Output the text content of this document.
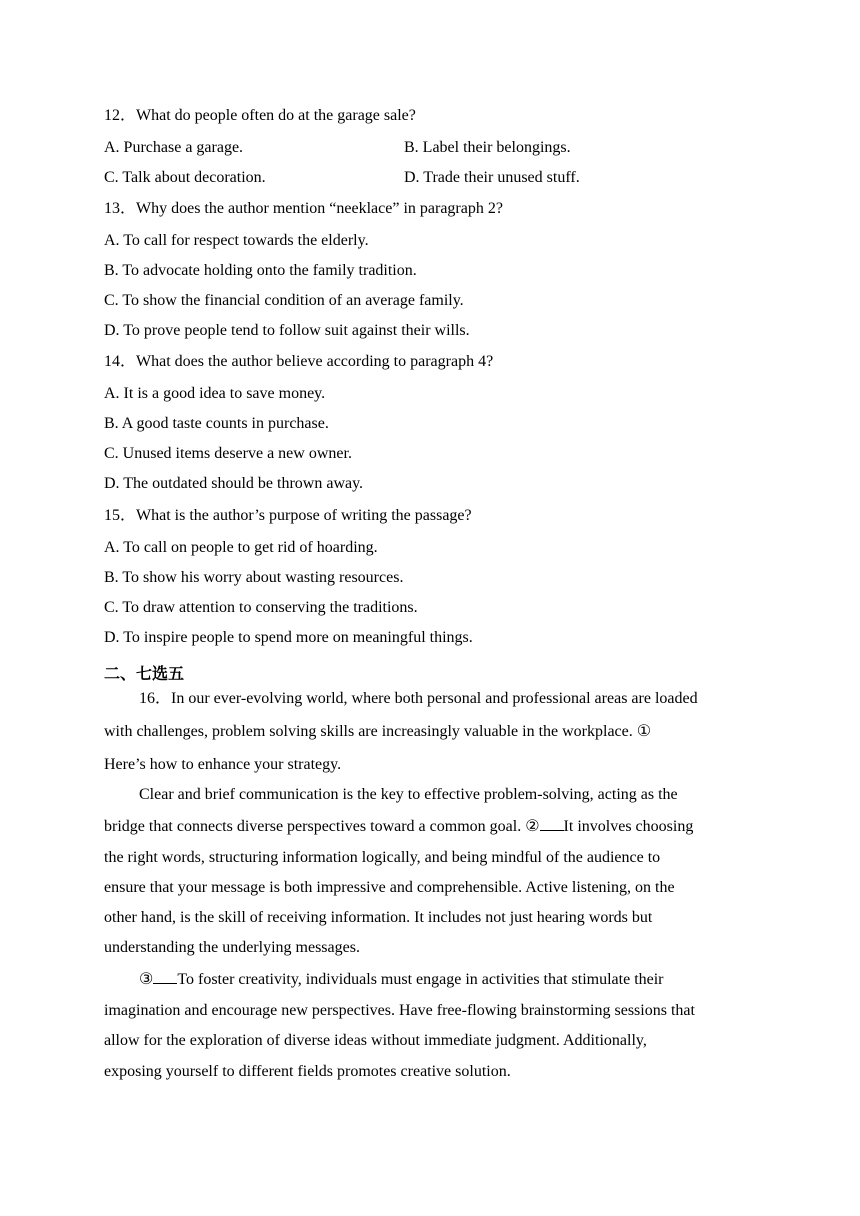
12．What do people often do at the garage sale?
A. Purchase a garage.	B. Label their belongings.
C. Talk about decoration.	D. Trade their unused stuff.
13．Why does the author mention “neeklace” in paragraph 2?
A. To call for respect towards the elderly.
B. To advocate holding onto the family tradition.
C. To show the financial condition of an average family.
D. To prove people tend to follow suit against their wills.
14．What does the author believe according to paragraph 4?
A. It is a good idea to save money.
B. A good taste counts in purchase.
C. Unused items deserve a new owner.
D. The outdated should be thrown away.
15．What is the author’s purpose of writing the passage?
A. To call on people to get rid of hoarding.
B. To show his worry about wasting resources.
C. To draw attention to conserving the traditions.
D. To inspire people to spend more on meaningful things.
二、七选五
16．In our ever-evolving world, where both personal and professional areas are loaded
with challenges, problem solving skills are increasingly valuable in the workplace. ①
Here’s how to enhance your strategy.
Clear and brief communication is the key to effective problem-solving, acting as the
bridge that connects diverse perspectives toward a common goal. ② It involves choosing
the right words, structuring information logically, and being mindful of the audience to
ensure that your message is both impressive and comprehensible. Active listening, on the
other hand, is the skill of receiving information. It includes not just hearing words but
understanding the underlying messages.
③ To foster creativity, individuals must engage in activities that stimulate their
imagination and encourage new perspectives. Have free-flowing brainstorming sessions that
allow for the exploration of diverse ideas without immediate judgment. Additionally,
exposing yourself to different fields promotes creative solution.
